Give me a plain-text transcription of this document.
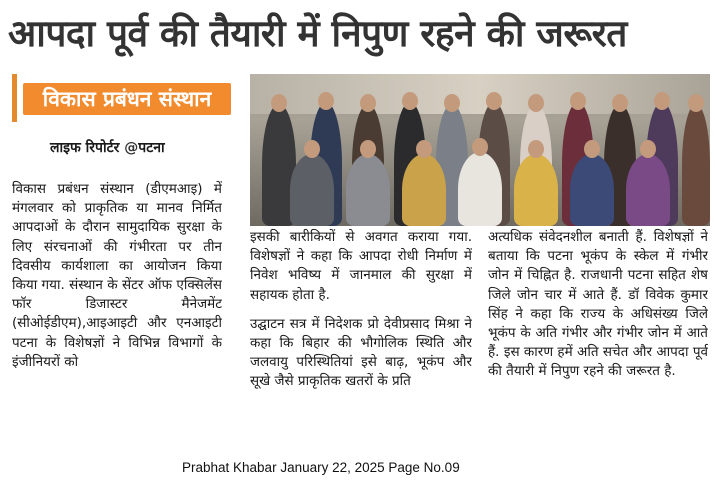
आपदा पूर्व की तैयारी में निपुण रहने की जरूरत
विकास प्रबंधन संस्थान
लाइफ रिपोर्टर @पटना

विकास प्रबंधन संस्थान (डीएमआइ) में मंगलवार को प्राकृतिक या मानव निर्मित आपदाओं के दौरान सामुदायिक सुरक्षा के लिए संरचनाओं की गंभीरता पर तीन दिवसीय कार्यशाला का आयोजन किया किया गया. संस्थान के सेंटर ऑफ एक्सिलेंस फॉर डिजास्टर मैनेजमेंट (सीओईडीएम),आइआइटी और एनआइटी पटना के विशेषज्ञों ने विभिन्न विभागों के इंजीनियरों को

इसकी बारीकियों से अवगत कराया गया. विशेषज्ञों ने कहा कि आपदा रोधी निर्माण में निवेश भविष्य में जानमाल की सुरक्षा में सहायक होता है.

उद्घाटन सत्र में निदेशक प्रो देवीप्रसाद मिश्रा ने कहा कि बिहार की भौगोलिक स्थिति और जलवायु परिस्थितियां इसे बाढ़, भूकंप और सूखे जैसे प्राकृतिक खतरों के प्रति

अत्यधिक संवेदनशील बनाती हैं. विशेषज्ञों ने बताया कि पटना भूकंप के स्केल में गंभीर जोन में चिह्नित है. राजधानी पटना सहित शेष जिले जोन चार में आते हैं. डॉ विवेक कुमार सिंह ने कहा कि राज्य के अधिसंख्य जिले भूकंप के अति गंभीर और गंभीर जोन में आते हैं. इस कारण हमें अति सचेत और आपदा पूर्व की तैयारी में निपुण रहने की जरूरत है.

Prabhat Khabar January 22, 2025 Page No.09
